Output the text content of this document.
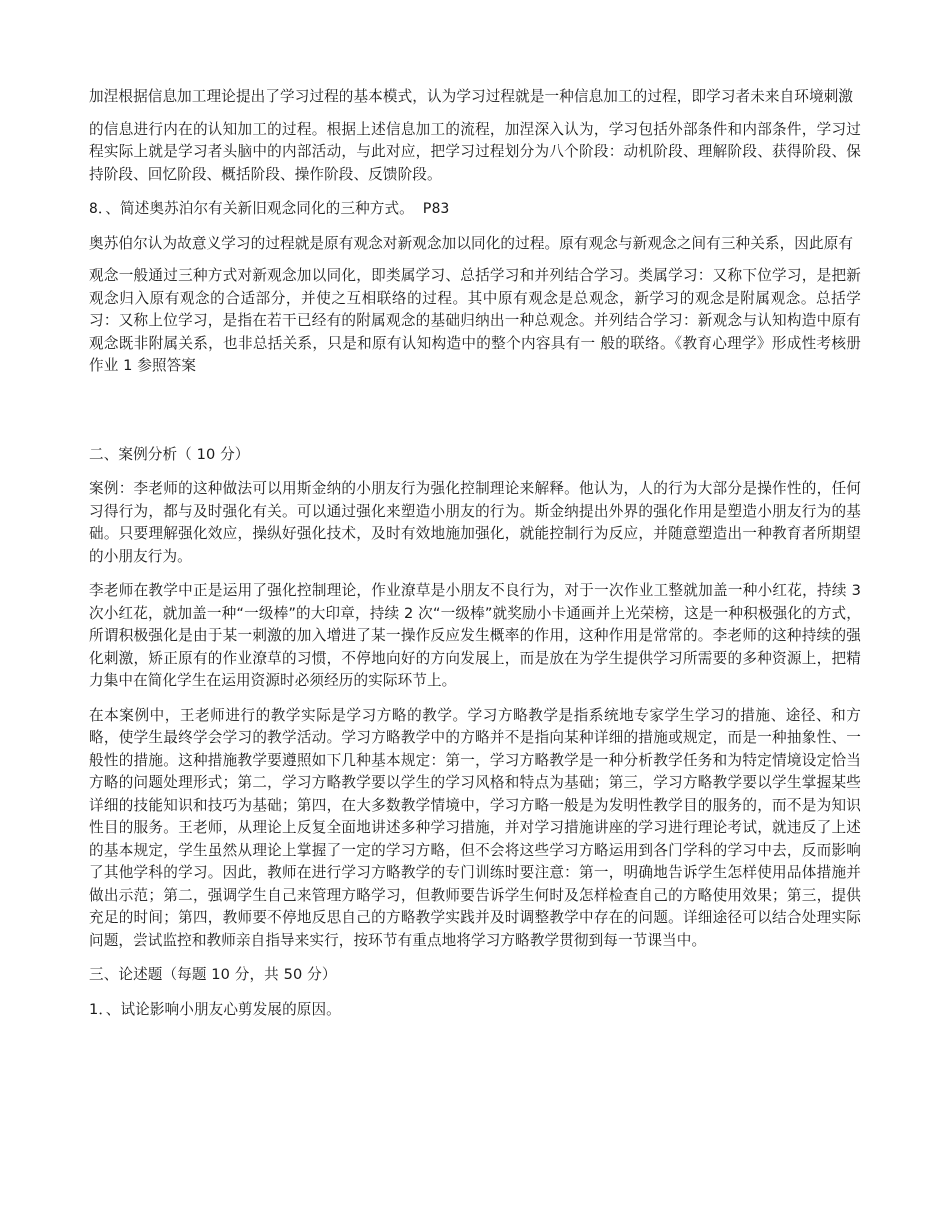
加涅根据信息加工理论提出了学习过程的基本模式，认为学习过程就是一种信息加工的过程，即学习者未来自环境刺激

的信息进行内在的认知加工的过程。根据上述信息加工的流程，加涅深入认为，学习包括外部条件和内部条件，学习过程实际上就是学习者头脑中的内部活动，与此对应，把学习过程划分为八个阶段：动机阶段、理解阶段、获得阶段、保持阶段、回忆阶段、概括阶段、操作阶段、反馈阶段。

8．、简述奥苏泊尔有关新旧观念同化的三种方式。 P83

奥苏伯尔认为故意义学习的过程就是原有观念对新观念加以同化的过程。原有观念与新观念之间有三种关系，因此原有

观念一般通过三种方式对新观念加以同化，即类属学习、总括学习和并列结合学习。类属学习：又称下位学习，是把新观念归入原有观念的合适部分，并使之互相联络的过程。其中原有观念是总观念，新学习的观念是附属观念。总括学习：又称上位学习，是指在若干已经有的附属观念的基础归纳出一种总观念。并列结合学习：新观念与认知构造中原有观念既非附属关系，也非总括关系，只是和原有认知构造中的整个内容具有一 般的联络。《教育心理学》形成性考核册作业 1 参照答案

二、案例分析（ 10 分）

案例：李老师的这种做法可以用斯金纳的小朋友行为强化控制理论来解释。他认为，人的行为大部分是操作性的，任何习得行为，都与及时强化有关。可以通过强化来塑造小朋友的行为。斯金纳提出外界的强化作用是塑造小朋友行为的基础。只要理解强化效应，操纵好强化技术，及时有效地施加强化，就能控制行为反应，并随意塑造出一种教育者所期望的小朋友行为。

李老师在教学中正是运用了强化控制理论，作业潦草是小朋友不良行为，对于一次作业工整就加盖一种小红花，持续 3 次小红花，就加盖一种“一级棒”的大印章，持续 2 次“一级棒”就奖励小卡通画并上光荣榜，这是一种积极强化的方式，所谓积极强化是由于某一刺激的加入增进了某一操作反应发生概率的作用，这种作用是常常的。李老师的这种持续的强化刺激，矫正原有的作业潦草的习惯，不停地向好的方向发展上，而是放在为学生提供学习所需要的多种资源上，把精力集中在简化学生在运用资源时必须经历的实际环节上。

在本案例中，王老师进行的教学实际是学习方略的教学。学习方略教学是指系统地专家学生学习的措施、途径、和方略，使学生最终学会学习的教学活动。学习方略教学中的方略并不是指向某种详细的措施或规定，而是一种抽象性、一般性的措施。这种措施教学要遵照如下几种基本规定：第一，学习方略教学是一种分析教学任务和为特定情境设定恰当方略的问题处理形式；第二，学习方略教学要以学生的学习风格和特点为基础；第三，学习方略教学要以学生掌握某些详细的技能知识和技巧为基础；第四，在大多数教学情境中，学习方略一般是为发明性教学目的服务的，而不是为知识性目的服务。王老师，从理论上反复全面地讲述多种学习措施，并对学习措施讲座的学习进行理论考试，就违反了上述的基本规定，学生虽然从理论上掌握了一定的学习方略，但不会将这些学习方略运用到各门学科的学习中去，反而影响了其他学科的学习。因此，教师在进行学习方略教学的专门训练时要注意：第一，明确地告诉学生怎样使用品体措施并做出示范；第二，强调学生自己来管理方略学习，但教师要告诉学生何时及怎样检查自己的方略使用效果；第三，提供充足的时间；第四，教师要不停地反思自己的方略教学实践并及时调整教学中存在的问题。详细途径可以结合处理实际问题，尝试监控和教师亲自指导来实行，按环节有重点地将学习方略教学贯彻到每一节课当中。

三、论述题（每题 10 分，共 50 分）

1．、试论影响小朋友心剪发展的原因。
